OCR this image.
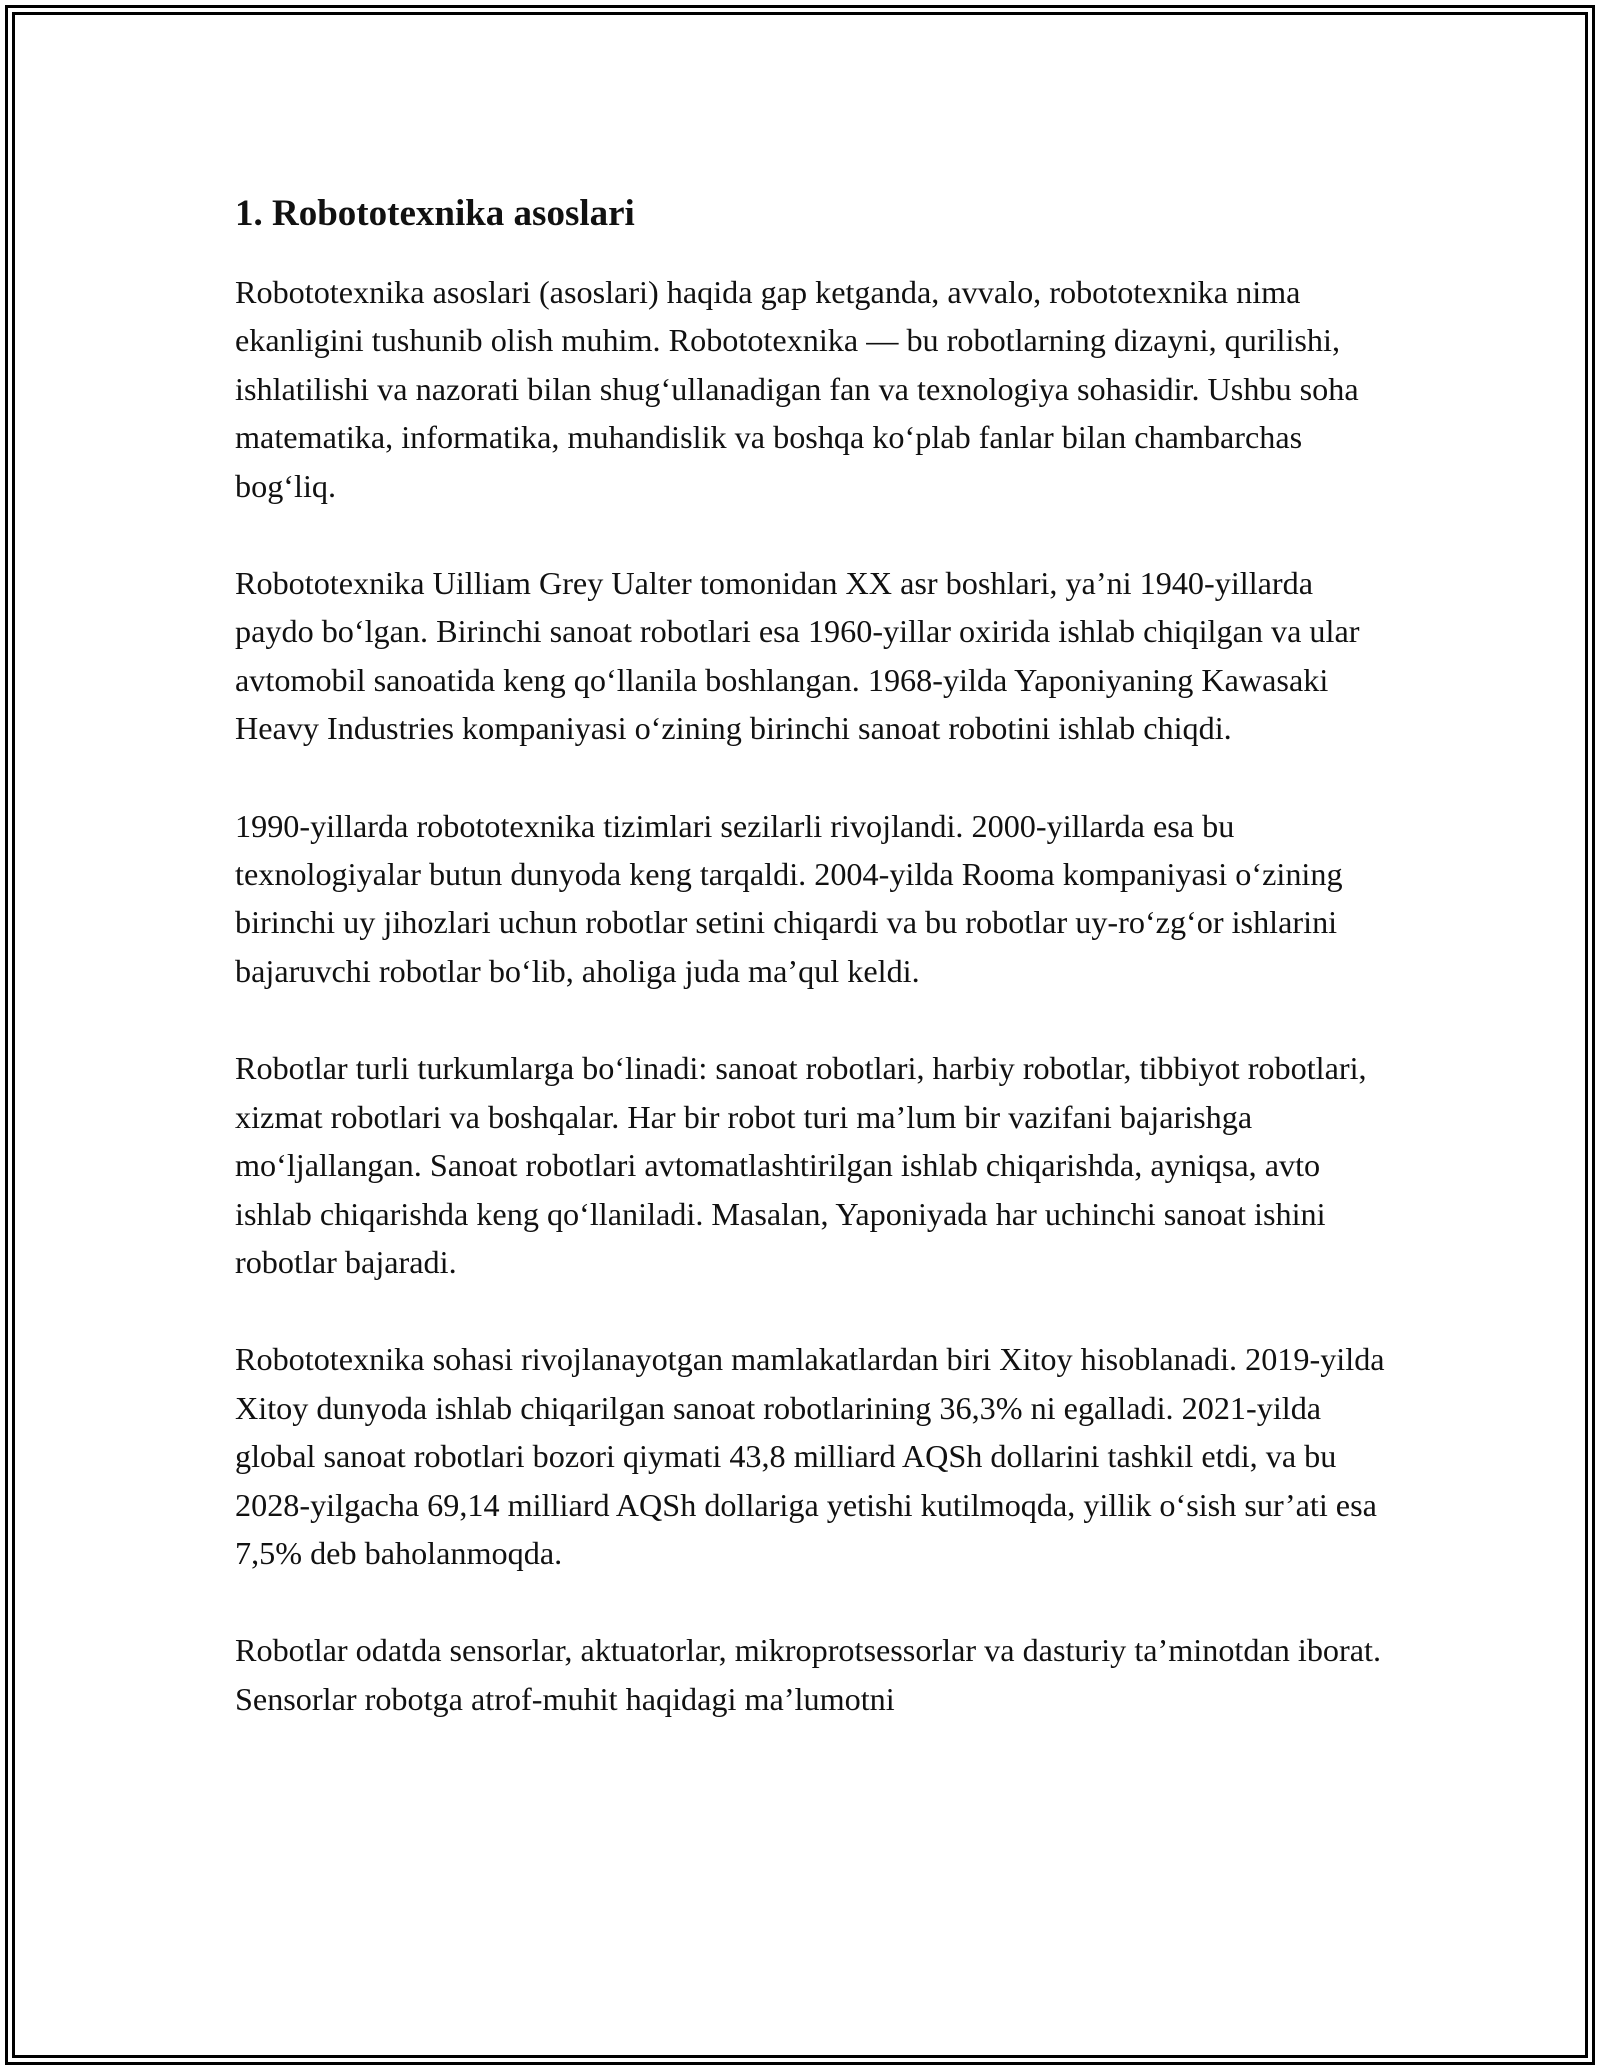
1. Robototexnika asoslari

Robototexnika asoslari (asoslari) haqida gap ketganda, avvalo, robototexnika nima ekanligini tushunib olish muhim. Robototexnika — bu robotlarning dizayni, qurilishi, ishlatilishi va nazorati bilan shug‘ullanadigan fan va texnologiya sohasidir. Ushbu soha matematika, informatika, muhandislik va boshqa ko‘plab fanlar bilan chambarchas bog‘liq.

Robototexnika Uilliam Grey Ualter tomonidan XX asr boshlari, ya’ni 1940-yillarda paydo bo‘lgan. Birinchi sanoat robotlari esa 1960-yillar oxirida ishlab chiqilgan va ular avtomobil sanoatida keng qo‘llanila boshlangan. 1968-yilda Yaponiyaning Kawasaki Heavy Industries kompaniyasi o‘zining birinchi sanoat robotini ishlab chiqdi.

1990-yillarda robototexnika tizimlari sezilarli rivojlandi. 2000-yillarda esa bu texnologiyalar butun dunyoda keng tarqaldi. 2004-yilda Rooma kompaniyasi o‘zining birinchi uy jihozlari uchun robotlar setini chiqardi va bu robotlar uy-ro‘zg‘or ishlarini bajaruvchi robotlar bo‘lib, aholiga juda ma’qul keldi.

Robotlar turli turkumlarga bo‘linadi: sanoat robotlari, harbiy robotlar, tibbiyot robotlari, xizmat robotlari va boshqalar. Har bir robot turi ma’lum bir vazifani bajarishga mo‘ljallangan. Sanoat robotlari avtomatlashtirilgan ishlab chiqarishda, ayniqsa, avto ishlab chiqarishda keng qo‘llaniladi. Masalan, Yaponiyada har uchinchi sanoat ishini robotlar bajaradi.

Robototexnika sohasi rivojlanayotgan mamlakatlardan biri Xitoy hisoblanadi. 2019-yilda Xitoy dunyoda ishlab chiqarilgan sanoat robotlarining 36,3% ni egalladi. 2021-yilda global sanoat robotlari bozori qiymati 43,8 milliard AQSh dollarini tashkil etdi, va bu 2028-yilgacha 69,14 milliard AQSh dollariga yetishi kutilmoqda, yillik o‘sish sur’ati esa 7,5% deb baholanmoqda.

Robotlar odatda sensorlar, aktuatorlar, mikroprotsessorlar va dasturiy ta’minotdan iborat. Sensorlar robotga atrof-muhit haqidagi ma’lumotni
